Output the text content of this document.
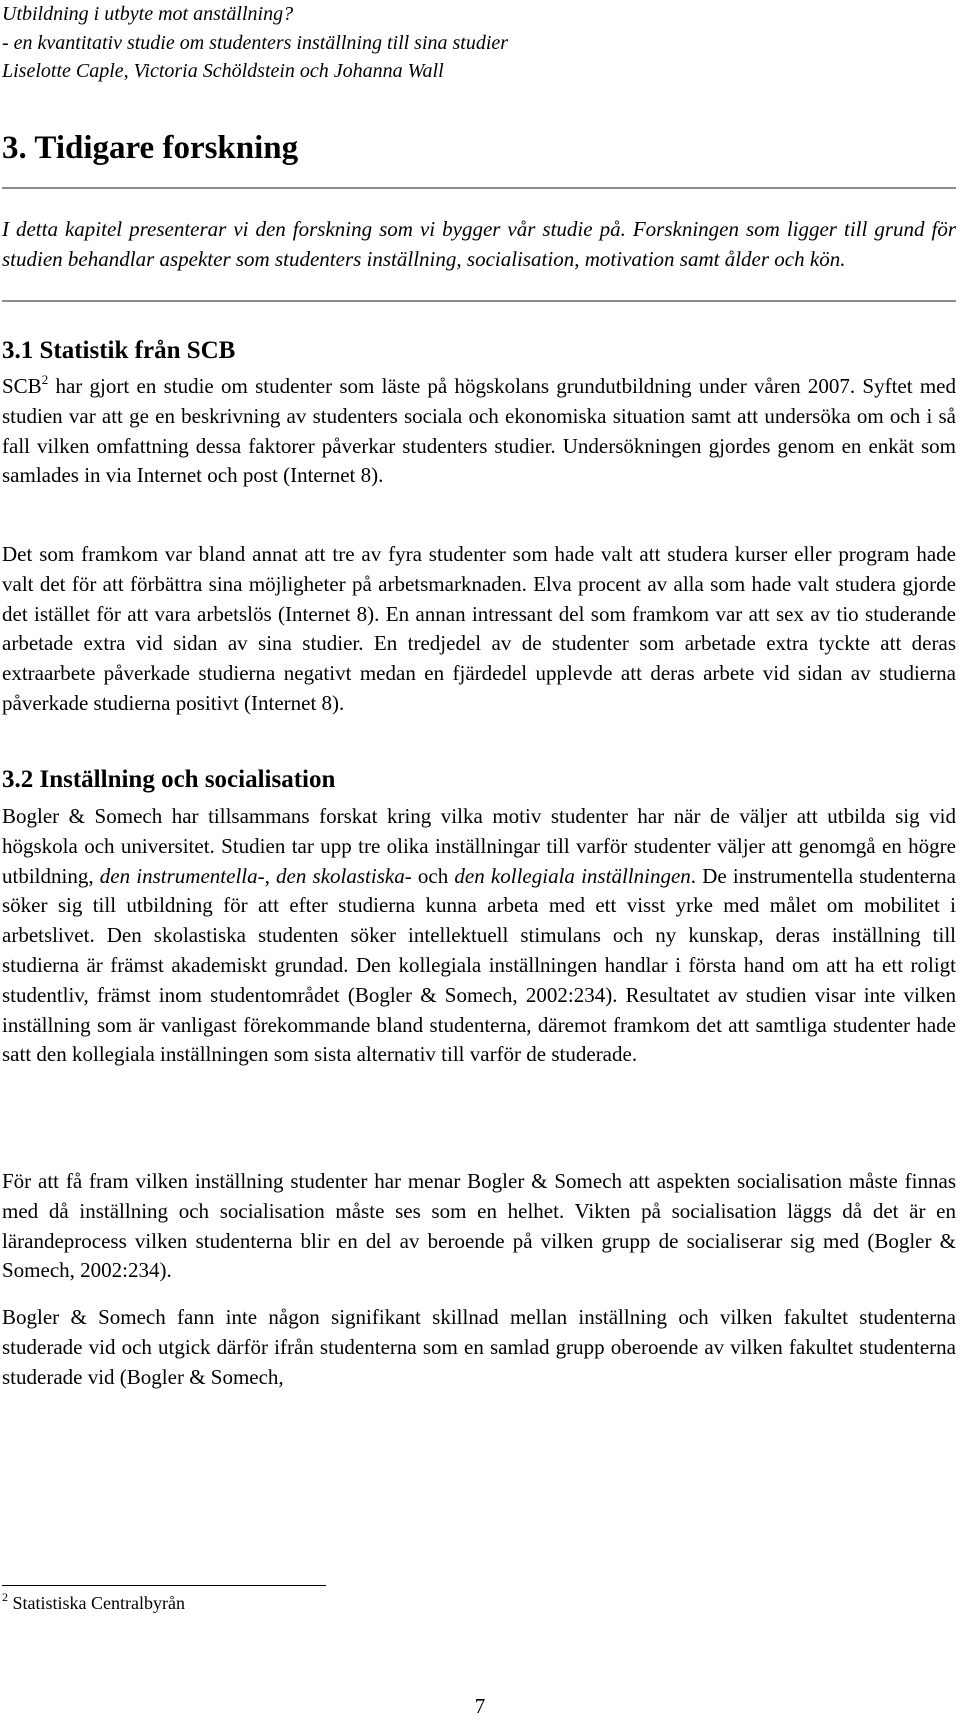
Utbildning i utbyte mot anställning?
- en kvantitativ studie om studenters inställning till sina studier
Liselotte Caple, Victoria Schöldstein och Johanna Wall
3. Tidigare forskning
I detta kapitel presenterar vi den forskning som vi bygger vår studie på. Forskningen som ligger till grund för studien behandlar aspekter som studenters inställning, socialisation, motivation samt ålder och kön.
3.1 Statistik från SCB

SCB$^2$ har gjort en studie om studenter som läste på högskolans grundutbildning under våren 2007. Syftet med studien var att ge en beskrivning av studenters sociala och ekonomiska situation samt att undersöka om och i så fall vilken omfattning dessa faktorer påverkar studenters studier. Undersökningen gjordes genom en enkät som samlades in via Internet och post (Internet 8).

Det som framkom var bland annat att tre av fyra studenter som hade valt att studera kurser eller program hade valt det för att förbättra sina möjligheter på arbetsmarknaden. Elva procent av alla som hade valt studera gjorde det istället för att vara arbetslös (Internet 8). En annan intressant del som framkom var att sex av tio studerande arbetade extra vid sidan av sina studier. En tredjedel av de studenter som arbetade extra tyckte att deras extraarbete påverkade studierna negativt medan en fjärdedel upplevde att deras arbete vid sidan av studierna påverkade studierna positivt (Internet 8).

3.2 Inställning och socialisation

Bogler & Somech har tillsammans forskat kring vilka motiv studenter har när de väljer att utbilda sig vid högskola och universitet. Studien tar upp tre olika inställningar till varför studenter väljer att genomgå en högre utbildning, den instrumentella-, den skolastiska- och den kollegiala inställningen. De instrumentella studenterna söker sig till utbildning för att efter studierna kunna arbeta med ett visst yrke med målet om mobilitet i arbetslivet. Den skolastiska studenten söker intellektuell stimulans och ny kunskap, deras inställning till studierna är främst akademiskt grundad. Den kollegiala inställningen handlar i första hand om att ha ett roligt studentliv, främst inom studentområdet (Bogler & Somech, 2002:234). Resultatet av studien visar inte vilken inställning som är vanligast förekommande bland studenterna, däremot framkom det att samtliga studenter hade satt den kollegiala inställningen som sista alternativ till varför de studerade.

För att få fram vilken inställning studenter har menar Bogler & Somech att aspekten socialisation måste finnas med då inställning och socialisation måste ses som en helhet. Vikten på socialisation läggs då det är en lärandeprocess vilken studenterna blir en del av beroende på vilken grupp de socialiserar sig med (Bogler & Somech, 2002:234).

Bogler & Somech fann inte någon signifikant skillnad mellan inställning och vilken fakultet studenterna studerade vid och utgick därför ifrån studenterna som en samlad grupp oberoende av vilken fakultet studenterna studerade vid (Bogler & Somech,

$^2$ Statistiska Centralbyrån
7
